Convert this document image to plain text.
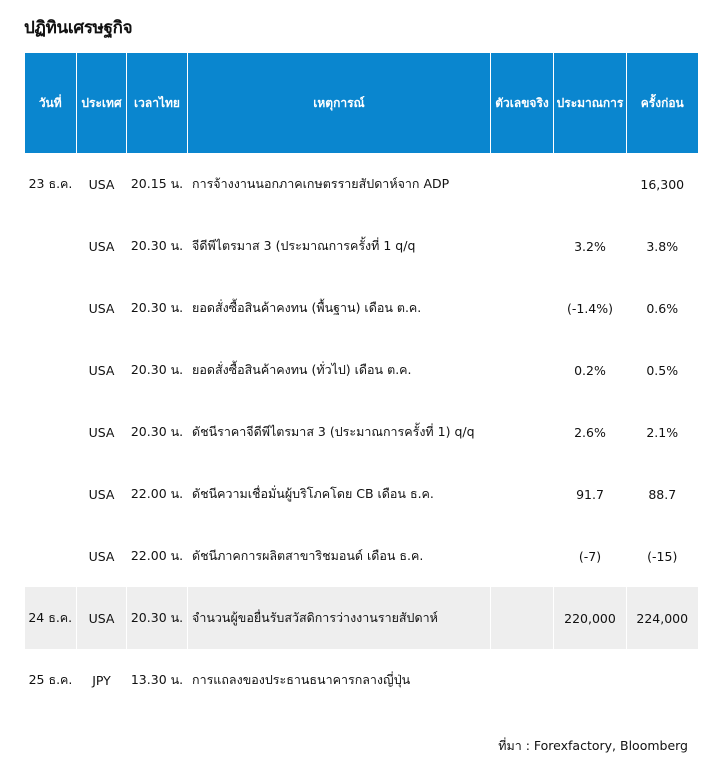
ปฏิทินเศรษฐกิจ
วันที่	ประเทศ	เวลาไทย	เหตุการณ์	ตัวเลขจริง	ประมาณการ	ครั้งก่อน
23 ธ.ค.	USA	20.15 น.	การจ้างงานนอกภาคเกษตรรายสัปดาห์จาก ADP			16,300
	USA	20.30 น.	จีดีพีไตรมาส 3 (ประมาณการครั้งที่ 1 q/q		3.2%	3.8%
	USA	20.30 น.	ยอดสั่งซื้อสินค้าคงทน (พื้นฐาน) เดือน ต.ค.		(-1.4%)	0.6%
	USA	20.30 น.	ยอดสั่งซื้อสินค้าคงทน (ทั่วไป) เดือน ต.ค.		0.2%	0.5%
	USA	20.30 น.	ดัชนีราคาจีดีพีไตรมาส 3 (ประมาณการครั้งที่ 1) q/q		2.6%	2.1%
	USA	22.00 น.	ดัชนีความเชื่อมั่นผู้บริโภคโดย CB เดือน ธ.ค.		91.7	88.7
	USA	22.00 น.	ดัชนีภาคการผลิตสาขาริชมอนด์ เดือน ธ.ค.		(-7)	(-15)
24 ธ.ค.	USA	20.30 น.	จำนวนผู้ขอยื่นรับสวัสดิการว่างงานรายสัปดาห์		220,000	224,000
25 ธ.ค.	JPY	13.30 น.	การแถลงของประธานธนาคารกลางญี่ปุ่น			
ที่มา : Forexfactory, Bloomberg
